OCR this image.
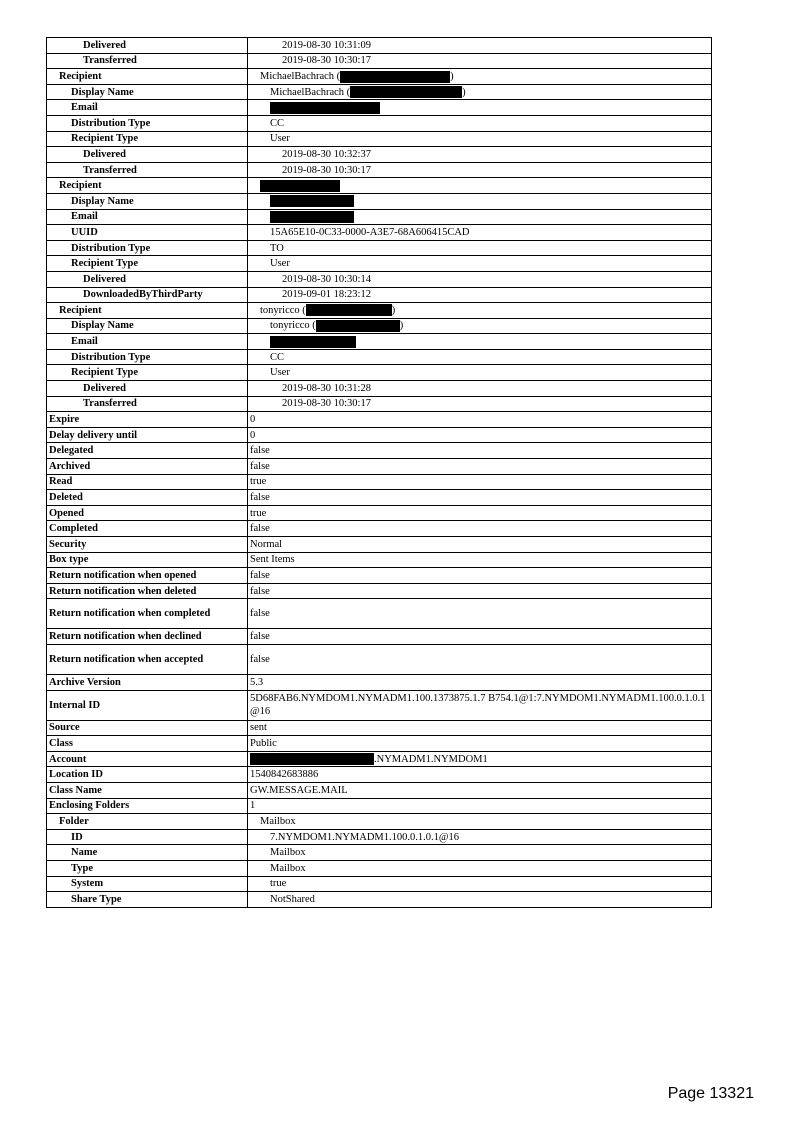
Delivered	2019-08-30 10:31:09
Transferred	2019-08-30 10:30:17
Recipient	MichaelBachrach ( )
Display Name	MichaelBachrach ( )
Email	
Distribution Type	CC
Recipient Type	User
Delivered	2019-08-30 10:32:37
Transferred	2019-08-30 10:30:17
Recipient	
Display Name	
Email	
UUID	15A65E10-0C33-0000-A3E7-68A606415CAD
Distribution Type	TO
Recipient Type	User
Delivered	2019-08-30 10:30:14
DownloadedByThirdParty	2019-09-01 18:23:12
Recipient	tonyricco ( )
Display Name	tonyricco ( )
Email	
Distribution Type	CC
Recipient Type	User
Delivered	2019-08-30 10:31:28
Transferred	2019-08-30 10:30:17
Expire	0
Delay delivery until	0
Delegated	false
Archived	false
Read	true
Deleted	false
Opened	true
Completed	false
Security	Normal
Box type	Sent Items
Return notification when opened	false
Return notification when deleted	false
Return notification when completed	false
Return notification when declined	false
Return notification when accepted	false
Archive Version	5.3
Internal ID	5D68FAB6.NYMDOM1.NYMADM1.100.1373875.1.7 B754.1@1:7.NYMDOM1.NYMADM1.100.0.1.0.1@16
Source	sent
Class	Public
Account	.NYMADM1.NYMDOM1
Location ID	1540842683886
Class Name	GW.MESSAGE.MAIL
Enclosing Folders	1
Folder	Mailbox
ID	7.NYMDOM1.NYMADM1.100.0.1.0.1@16
Name	Mailbox
Type	Mailbox
System	true
Share Type	NotShared
Page 13321
